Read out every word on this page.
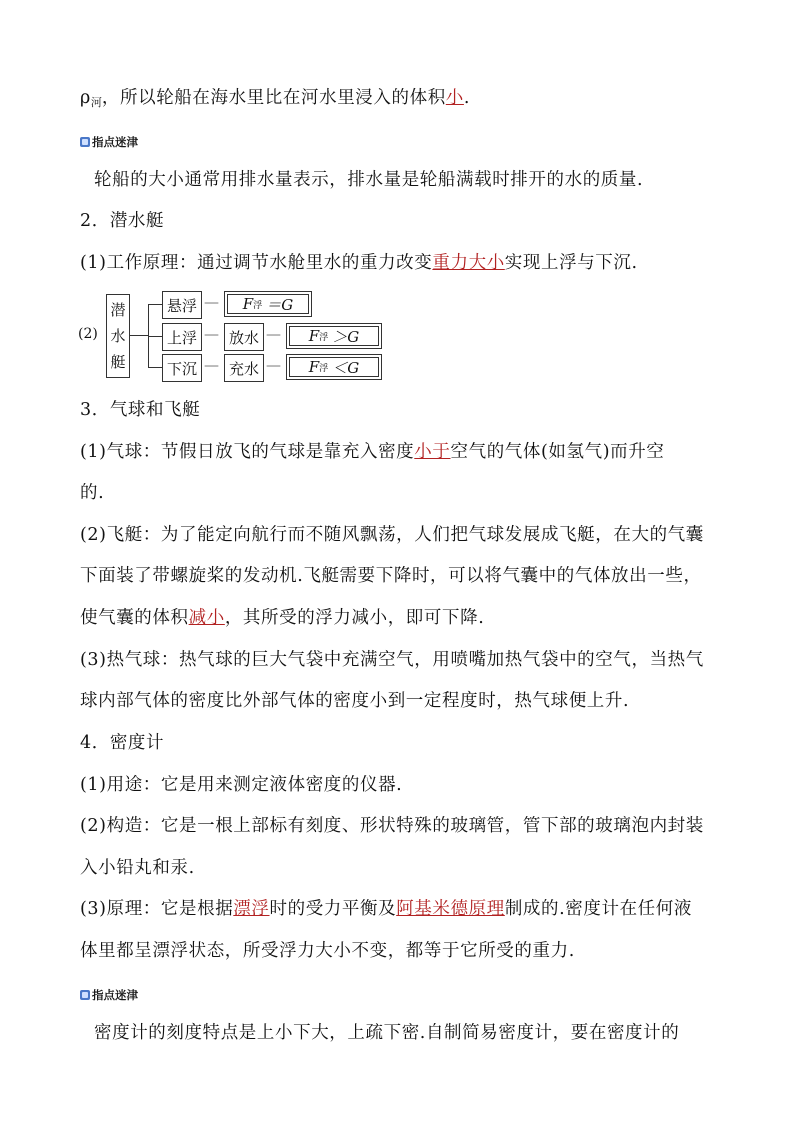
$\rho_河$，所以轮船在海水里比在河水里浸入的体积小.
指点迷津
轮船的大小通常用排水量表示，排水量是轮船满载时排开的水的质量.
2．潜水艇
(1)工作原理：通过调节水舱里水的重力改变重力大小实现上浮与下沉.
(2)
潜
水
艇
悬浮
上浮
下沉
— F 浮 ＝G
— 放水 — F 浮 ＞G
— 充水 — F 浮 ＜G
3．气球和飞艇
(1)气球：节假日放飞的气球是靠充入密度小于空气的气体(如氢气)而升空
的.
(2)飞艇：为了能定向航行而不随风飘荡，人们把气球发展成飞艇，在大的气囊
下面装了带螺旋桨的发动机.飞艇需要下降时，可以将气囊中的气体放出一些，
使气囊的体积减小，其所受的浮力减小，即可下降.
(3)热气球：热气球的巨大气袋中充满空气，用喷嘴加热气袋中的空气，当热气
球内部气体的密度比外部气体的密度小到一定程度时，热气球便上升.
4．密度计
(1)用途：它是用来测定液体密度的仪器.
(2)构造：它是一根上部标有刻度、形状特殊的玻璃管，管下部的玻璃泡内封装
入小铅丸和汞.
(3)原理：它是根据漂浮时的受力平衡及阿基米德原理制成的.密度计在任何液
体里都呈漂浮状态，所受浮力大小不变，都等于它所受的重力.
指点迷津
密度计的刻度特点是上小下大，上疏下密.自制简易密度计，要在密度计的
